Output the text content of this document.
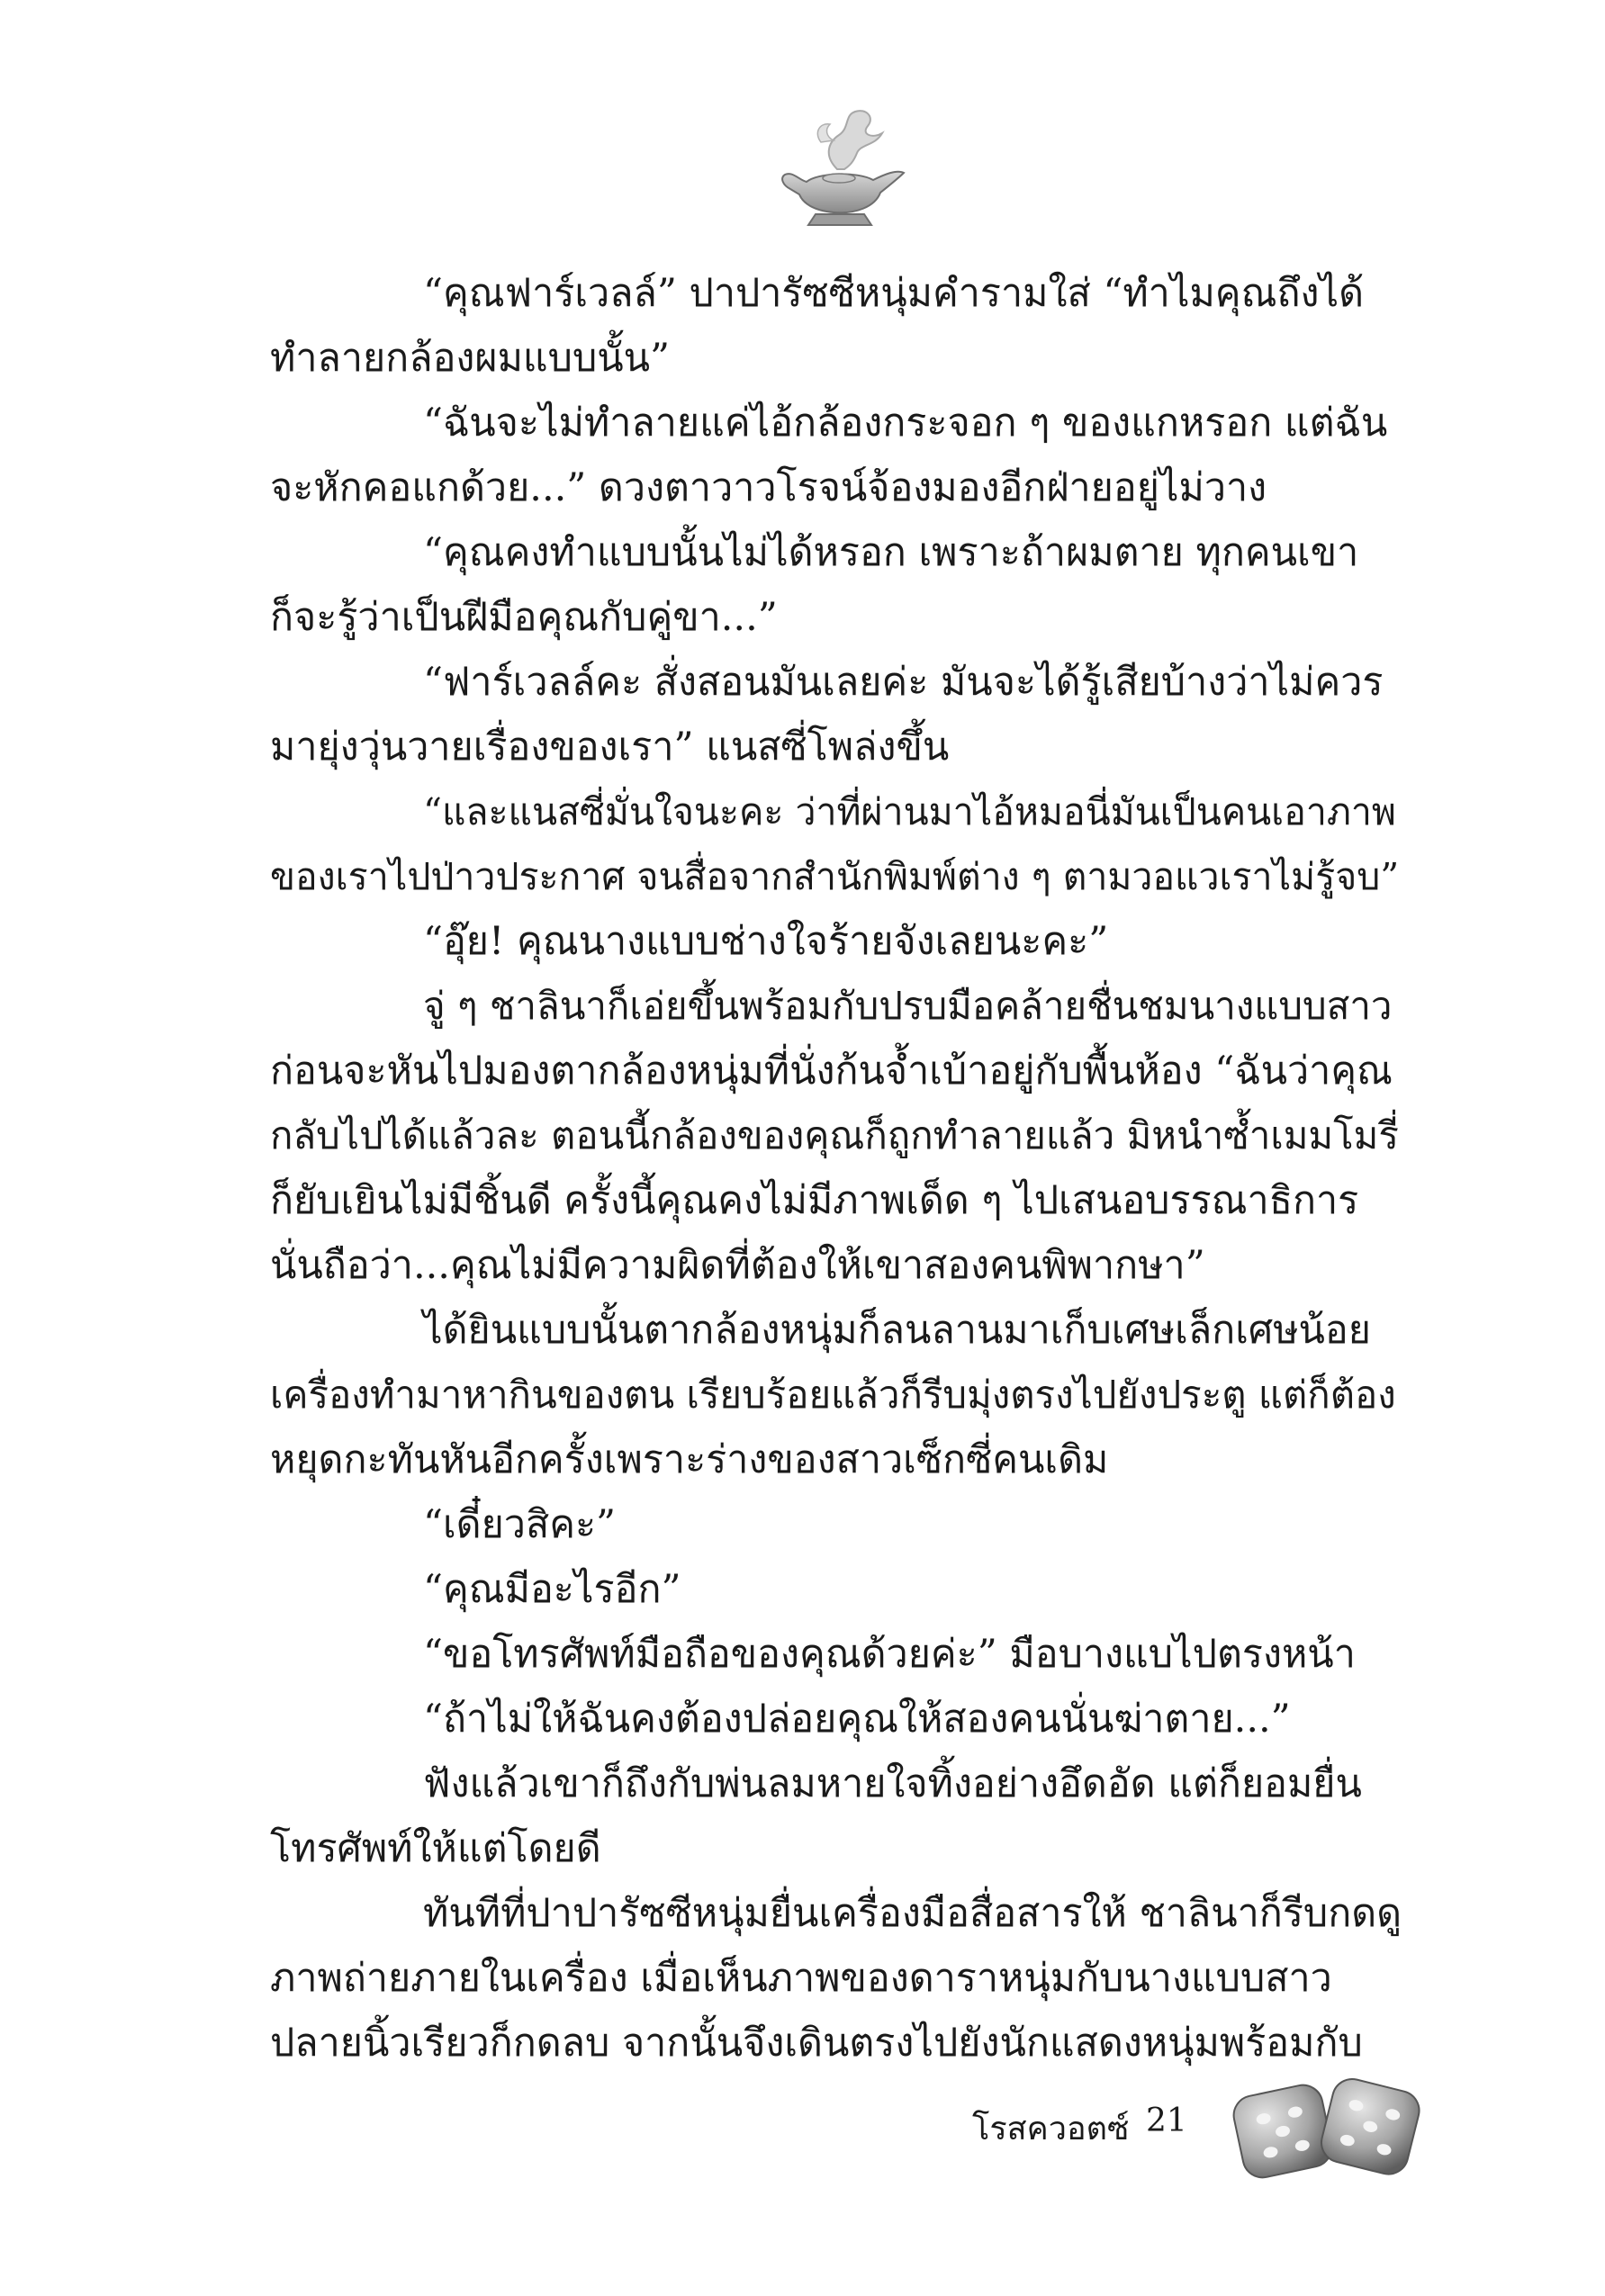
“คุณฟาร์เวลล์” ปาปารัซซีหนุ่มคำรามใส่ “ทำไมคุณถึงได้
ทำลายกล้องผมแบบนั้น”
“ฉันจะไม่ทำลายแค่ไอ้กล้องกระจอก ๆ ของแกหรอก แต่ฉัน
จะหักคอแกด้วย...” ดวงตาวาวโรจน์จ้องมองอีกฝ่ายอยู่ไม่วาง
“คุณคงทำแบบนั้นไม่ได้หรอก เพราะถ้าผมตาย ทุกคนเขา
ก็จะรู้ว่าเป็นฝีมือคุณกับคู่ขา...”
“ฟาร์เวลล์คะ สั่งสอนมันเลยค่ะ มันจะได้รู้เสียบ้างว่าไม่ควร
มายุ่งวุ่นวายเรื่องของเรา” แนสซี่โพล่งขึ้น
“และแนสซี่มั่นใจนะคะ ว่าที่ผ่านมาไอ้หมอนี่มันเป็นคนเอาภาพ
ของเราไปป่าวประกาศ จนสื่อจากสำนักพิมพ์ต่าง ๆ ตามวอแวเราไม่รู้จบ”
“อุ๊ย! คุณนางแบบช่างใจร้ายจังเลยนะคะ”
จู่ ๆ ชาลินาก็เอ่ยขึ้นพร้อมกับปรบมือคล้ายชื่นชมนางแบบสาว
ก่อนจะหันไปมองตากล้องหนุ่มที่นั่งก้นจ้ำเบ้าอยู่กับพื้นห้อง “ฉันว่าคุณ
กลับไปได้แล้วละ ตอนนี้กล้องของคุณก็ถูกทำลายแล้ว มิหนำซ้ำเมมโมรี่
ก็ยับเยินไม่มีชิ้นดี ครั้งนี้คุณคงไม่มีภาพเด็ด ๆ ไปเสนอบรรณาธิการ
นั่นถือว่า...คุณไม่มีความผิดที่ต้องให้เขาสองคนพิพากษา”
ได้ยินแบบนั้นตากล้องหนุ่มก็ลนลานมาเก็บเศษเล็กเศษน้อย
เครื่องทำมาหากินของตน เรียบร้อยแล้วก็รีบมุ่งตรงไปยังประตู แต่ก็ต้อง
หยุดกะทันหันอีกครั้งเพราะร่างของสาวเซ็กซี่คนเดิม
“เดี๋ยวสิคะ”
“คุณมีอะไรอีก”
“ขอโทรศัพท์มือถือของคุณด้วยค่ะ” มือบางแบไปตรงหน้า
“ถ้าไม่ให้ฉันคงต้องปล่อยคุณให้สองคนนั่นฆ่าตาย...”
ฟังแล้วเขาก็ถึงกับพ่นลมหายใจทิ้งอย่างอึดอัด แต่ก็ยอมยื่น
โทรศัพท์ให้แต่โดยดี
ทันทีที่ปาปารัซซีหนุ่มยื่นเครื่องมือสื่อสารให้ ชาลินาก็รีบกดดู
ภาพถ่ายภายในเครื่อง เมื่อเห็นภาพของดาราหนุ่มกับนางแบบสาว
ปลายนิ้วเรียวก็กดลบ จากนั้นจึงเดินตรงไปยังนักแสดงหนุ่มพร้อมกับ
โรสควอตซ์ 21
